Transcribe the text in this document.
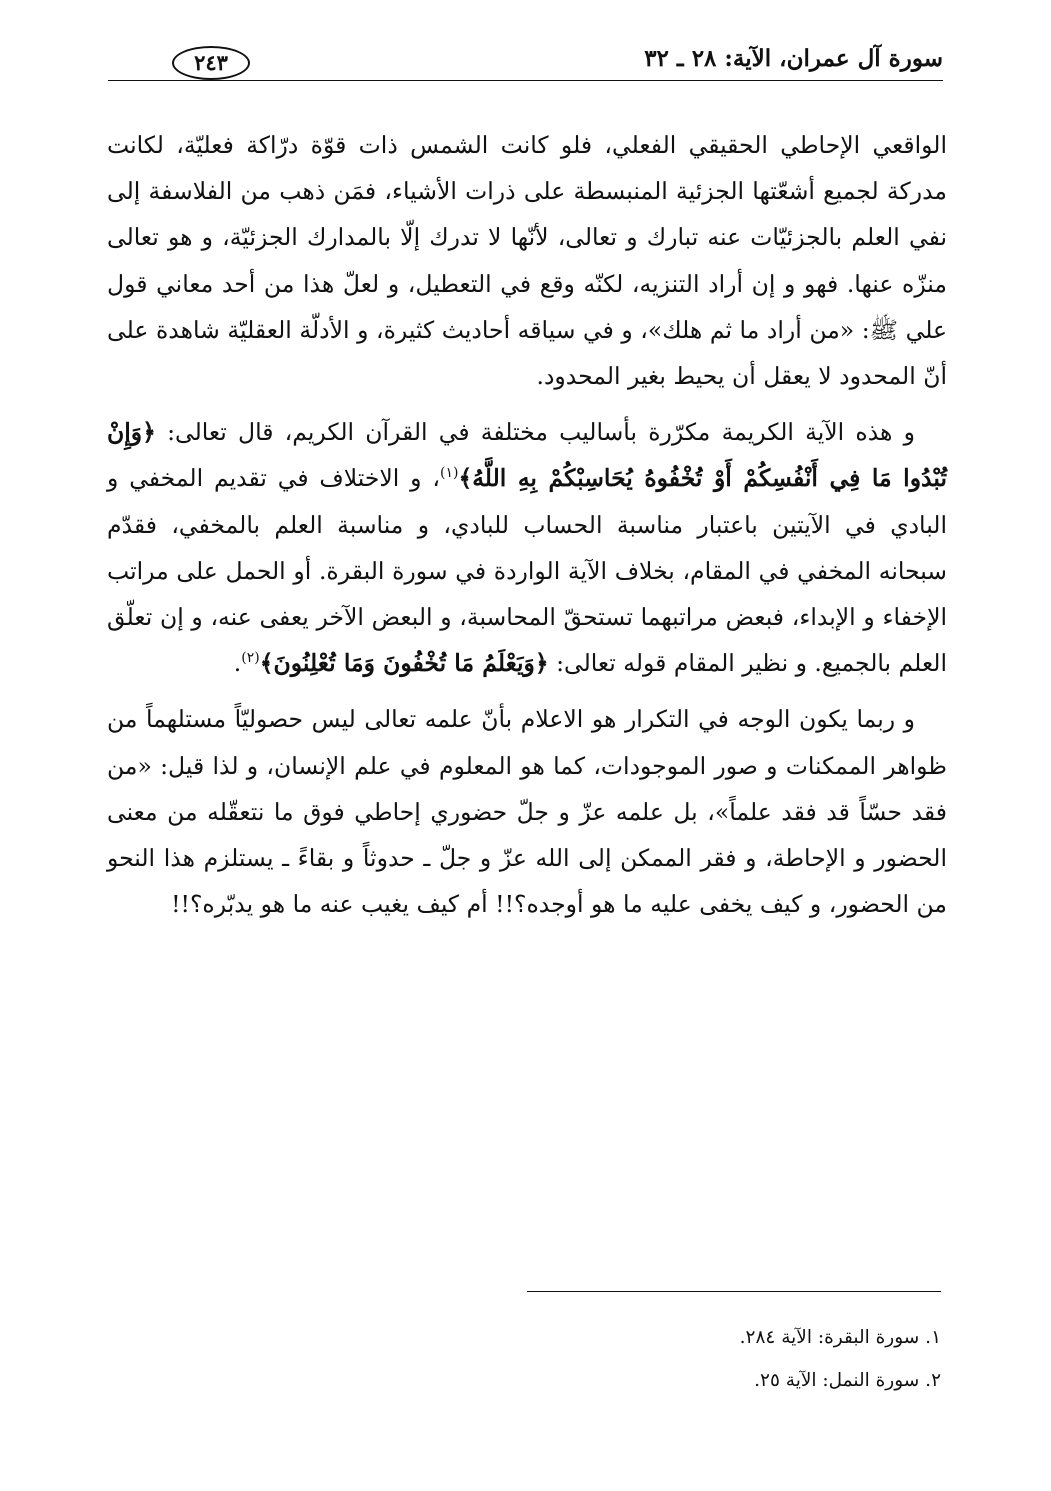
سورة آل عمران، الآية: ٢٨ ـ ٣٢
٢٤٣

الواقعي الإحاطي الحقيقي الفعلي، فلو كانت الشمس ذات قوّة درّاكة فعليّة، لكانت مدركة لجميع أشعّتها الجزئية المنبسطة على ذرات الأشياء، فمَن ذهب من الفلاسفة إلى نفي العلم بالجزئيّات عنه تبارك و تعالى، لأنّها لا تدرك إلّا بالمدارك الجزئيّة، و هو تعالى منزّه عنها. فهو و إن أراد التنزيه، لكنّه وقع في التعطيل، و لعلّ هذا من أحد معاني قول علي ﷺ: «من أراد ما ثم هلك»، و في سياقه أحاديث كثيرة، و الأدلّة العقليّة شاهدة على أنّ المحدود لا يعقل أن يحيط بغير المحدود.

و هذه الآية الكريمة مكرّرة بأساليب مختلفة في القرآن الكريم، قال تعالى: ﴿وَإِنْ تُبْدُوا مَا فِي أَنْفُسِكُمْ أَوْ تُخْفُوهُ يُحَاسِبْكُمْ بِهِ اللَّهُ﴾$^{(١)}$، و الاختلاف في تقديم المخفي و البادي في الآيتين باعتبار مناسبة الحساب للبادي، و مناسبة العلم بالمخفي، فقدّم سبحانه المخفي في المقام، بخلاف الآية الواردة في سورة البقرة. أو الحمل على مراتب الإخفاء و الإبداء، فبعض مراتبهما تستحقّ المحاسبة، و البعض الآخر يعفى عنه، و إن تعلّق العلم بالجميع. و نظير المقام قوله تعالى: ﴿وَيَعْلَمُ مَا تُخْفُونَ وَمَا تُعْلِنُونَ﴾$^{(٢)}$.

و ربما يكون الوجه في التكرار هو الاعلام بأنّ علمه تعالى ليس حصوليّاً مستلهماً من ظواهر الممكنات و صور الموجودات، كما هو المعلوم في علم الإنسان، و لذا قيل: «من فقد حسّاً قد فقد علماً»، بل علمه عزّ و جلّ حضوري إحاطي فوق ما نتعقّله من معنى الحضور و الإحاطة، و فقر الممكن إلى الله عزّ و جلّ ـ حدوثاً و بقاءً ـ يستلزم هذا النحو من الحضور، و كيف يخفى عليه ما هو أوجده؟!! أم كيف يغيب عنه ما هو يدبّره؟!!

١. سورة البقرة: الآية ٢٨٤.

٢. سورة النمل: الآية ٢٥.
